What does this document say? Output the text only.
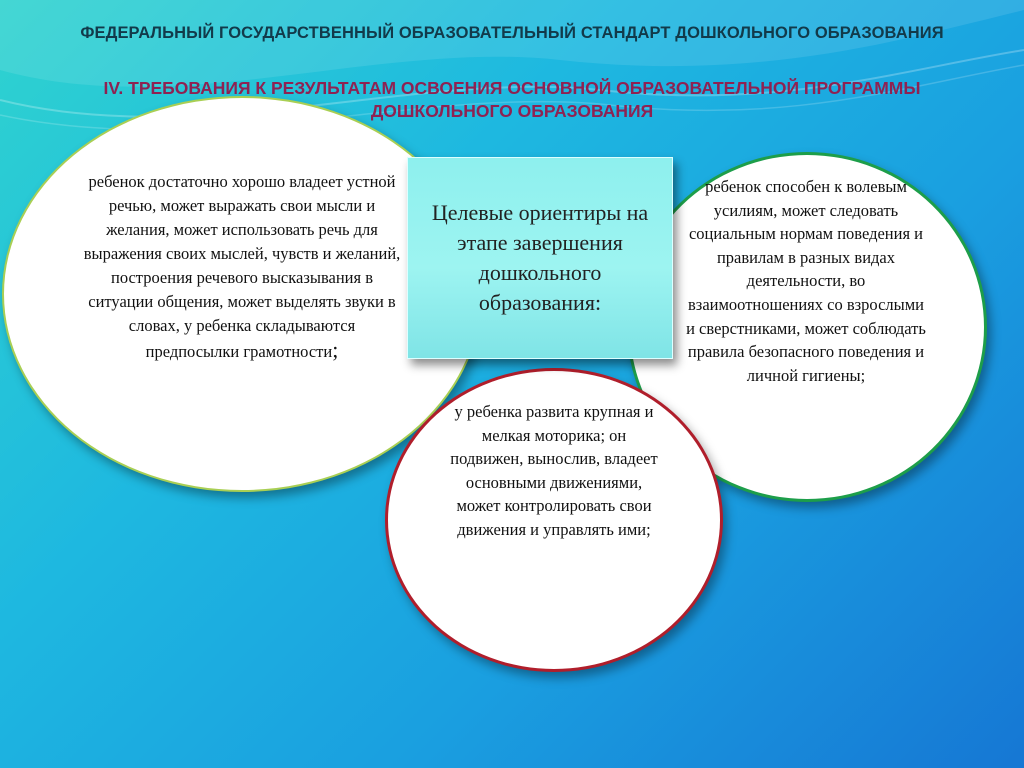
ФЕДЕРАЛЬНЫЙ ГОСУДАРСТВЕННЫЙ ОБРАЗОВАТЕЛЬНЫЙ СТАНДАРТ ДОШКОЛЬНОГО ОБРАЗОВАНИЯ
IV. ТРЕБОВАНИЯ К РЕЗУЛЬТАТАМ ОСВОЕНИЯ ОСНОВНОЙ ОБРАЗОВАТЕЛЬНОЙ ПРОГРАММЫ ДОШКОЛЬНОГО ОБРАЗОВАНИЯ
ребенок достаточно хорошо владеет устной речью, может выражать свои мысли и желания, может использовать речь для выражения своих мыслей, чувств и желаний, построения речевого высказывания в ситуации общения, может выделять звуки в словах, у ребенка складываются предпосылки грамотности;
ребенок способен к волевым усилиям, может следовать социальным нормам поведения и правилам в разных видах деятельности, во взаимоотношениях со взрослыми и сверстниками, может соблюдать правила безопасного поведения и личной гигиены;
у ребенка развита крупная и мелкая моторика; он подвижен, вынослив, владеет основными движениями, может контролировать свои движения и управлять ими;
Целевые ориентиры на этапе завершения дошкольного образования:
